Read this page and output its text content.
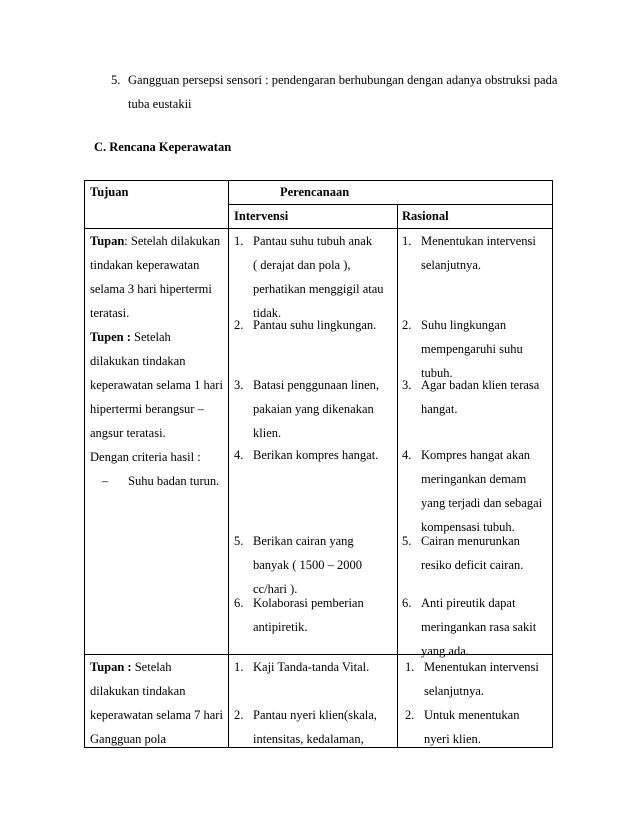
5. Gangguan persepsi sensori : pendengaran berhubungan dengan adanya obstruksi pada
tuba eustakii
C. Rencana Keperawatan
Tujuan	Perencanaan
Intervensi	Rasional
Tupan: Setelah dilakukan
tindakan keperawatan
selama 3 hari hipertermi
teratasi.
Tupen : Setelah
dilakukan tindakan
keperawatan selama 1 hari
hipertermi berangsur –
angsur teratasi.
Dengan criteria hasil :
– Suhu badan turun.
1. Pantau suhu tubuh anak
( derajat dan pola ),
perhatikan menggigil atau
tidak.
2. Pantau suhu lingkungan.
3. Batasi penggunaan linen,
pakaian yang dikenakan
klien.
4. Berikan kompres hangat.
5. Berikan cairan yang
banyak ( 1500 – 2000
cc/hari ).
6. Kolaborasi pemberian
antipiretik.
1. Menentukan intervensi
selanjutnya.
2. Suhu lingkungan
mempengaruhi suhu
tubuh.
3. Agar badan klien terasa
hangat.
4. Kompres hangat akan
meringankan demam
yang terjadi dan sebagai
kompensasi tubuh.
5. Cairan menurunkan
resiko deficit cairan.
6. Anti pireutik dapat
meringankan rasa sakit
yang ada.
Tupan : Setelah
dilakukan tindakan
keperawatan selama 7 hari
Gangguan pola
1. Kaji Tanda-tanda Vital.
2. Pantau nyeri klien(skala,
intensitas, kedalaman,
1. Menentukan intervensi
selanjutnya.
2. Untuk menentukan
nyeri klien.
